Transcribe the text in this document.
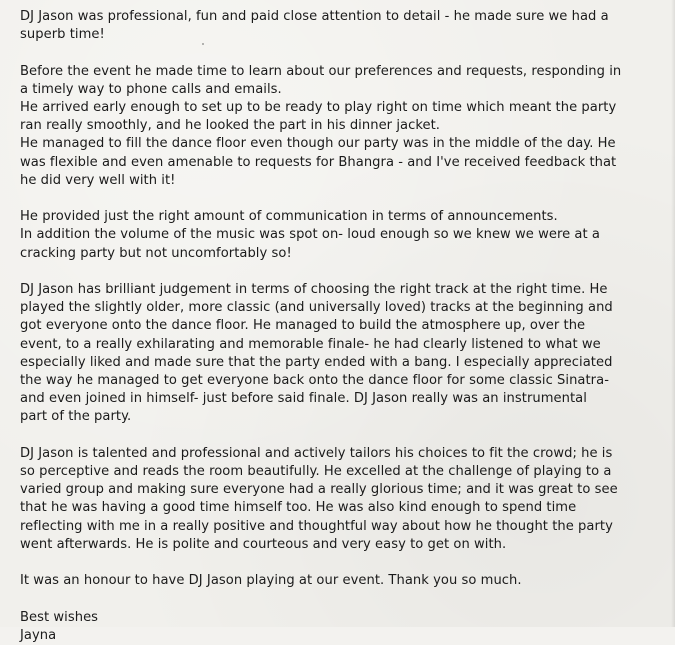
DJ Jason was professional, fun and paid close attention to detail - he made sure we had a
superb time!

Before the event he made time to learn about our preferences and requests, responding in
a timely way to phone calls and emails.
He arrived early enough to set up to be ready to play right on time which meant the party
ran really smoothly, and he looked the part in his dinner jacket.
He managed to fill the dance floor even though our party was in the middle of the day. He
was flexible and even amenable to requests for Bhangra - and I've received feedback that
he did very well with it!

He provided just the right amount of communication in terms of announcements.
In addition the volume of the music was spot on- loud enough so we knew we were at a
cracking party but not uncomfortably so!

DJ Jason has brilliant judgement in terms of choosing the right track at the right time. He
played the slightly older, more classic (and universally loved) tracks at the beginning and
got everyone onto the dance floor. He managed to build the atmosphere up, over the
event, to a really exhilarating and memorable finale- he had clearly listened to what we
especially liked and made sure that the party ended with a bang. I especially appreciated
the way he managed to get everyone back onto the dance floor for some classic Sinatra-
and even joined in himself- just before said finale. DJ Jason really was an instrumental
part of the party.

DJ Jason is talented and professional and actively tailors his choices to fit the crowd; he is
so perceptive and reads the room beautifully. He excelled at the challenge of playing to a
varied group and making sure everyone had a really glorious time; and it was great to see
that he was having a good time himself too. He was also kind enough to spend time
reflecting with me in a really positive and thoughtful way about how he thought the party
went afterwards. He is polite and courteous and very easy to get on with.

It was an honour to have DJ Jason playing at our event. Thank you so much.

Best wishes

Jayna
